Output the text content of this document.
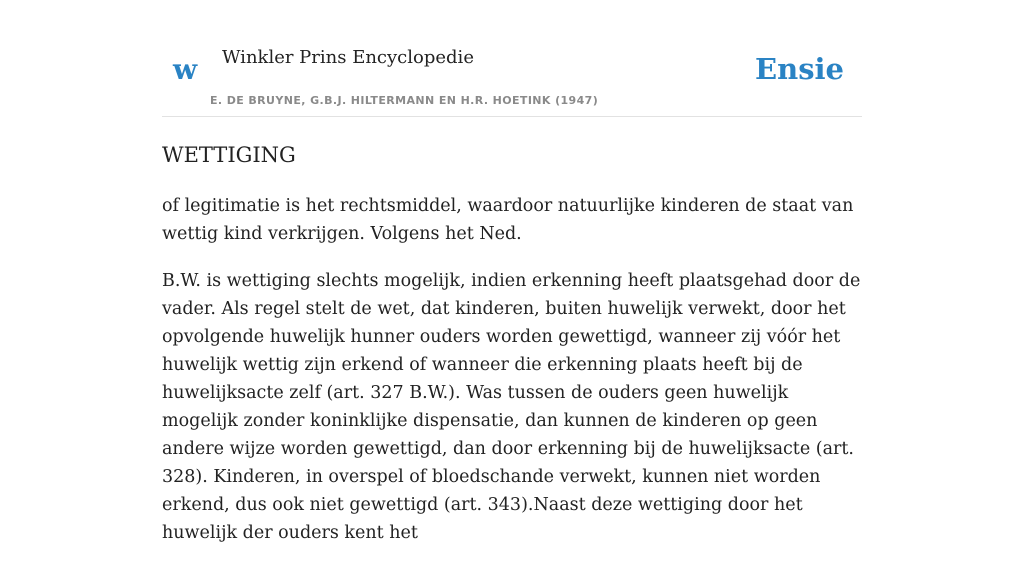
w Winkler Prins Encyclopedie
E. DE BRUYNE, G.B.J. HILTERMANN EN H.R. HOETINK (1947)
Ensie
WETTIGING

of legitimatie is het rechtsmiddel, waardoor natuurlijke kinderen de staat van wettig kind verkrijgen. Volgens het Ned.

B.W. is wettiging slechts mogelijk, indien erkenning heeft plaatsgehad door de vader. Als regel stelt de wet, dat kinderen, buiten huwelijk verwekt, door het opvolgende huwelijk hunner ouders worden gewettigd, wanneer zij vóór het huwelijk wettig zijn erkend of wanneer die erkenning plaats heeft bij de huwelijksacte zelf (art. 327 B.W.). Was tussen de ouders geen huwelijk mogelijk zonder koninklijke dispensatie, dan kunnen de kinderen op geen andere wijze worden gewettigd, dan door erkenning bij de huwelijksacte (art. 328). Kinderen, in overspel of bloedschande verwekt, kunnen niet worden erkend, dus ook niet gewettigd (art. 343).Naast deze wettiging door het huwelijk der ouders kent het
